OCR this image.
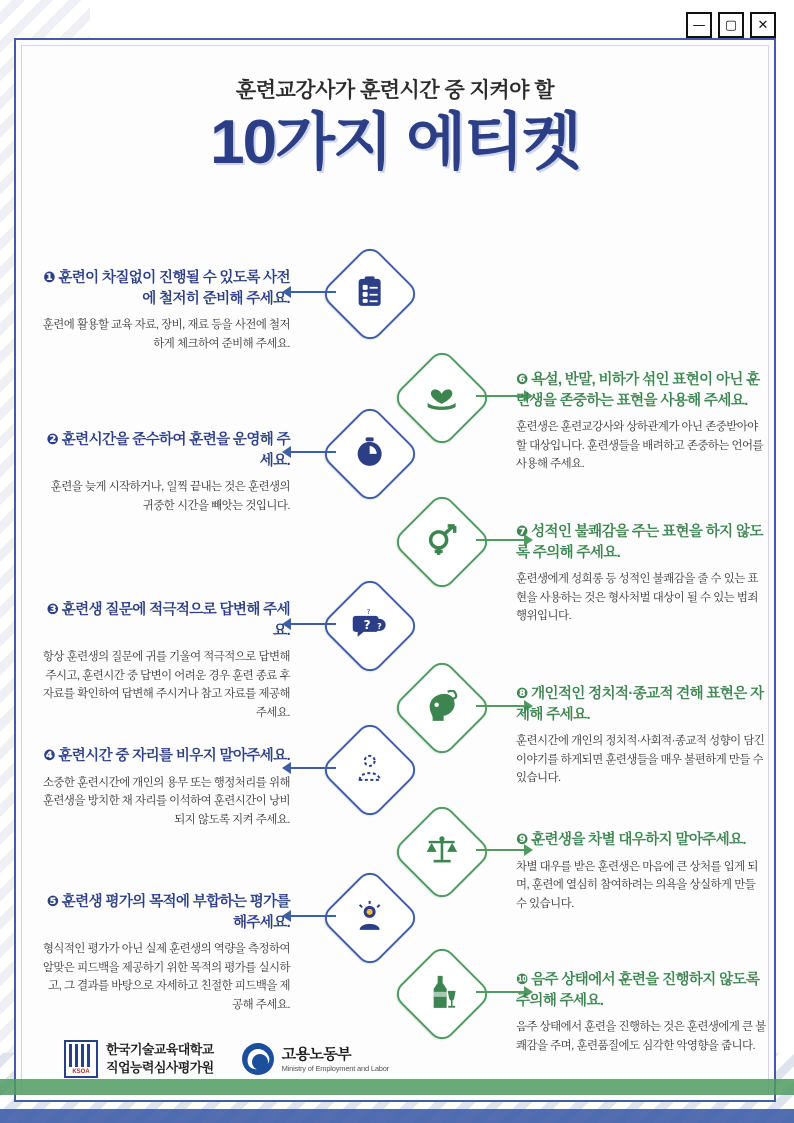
—	▢	✕
훈련교강사가 훈련시간 중 지켜야 할
10가지 에티켓
? ?
?

❶ 훈련이 차질없이 진행될 수 있도록 사전에 철저히 준비해 주세요.

훈련에 활용할 교육 자료, 장비, 재료 등을 사전에 철저하게 체크하여 준비해 주세요.

❷ 훈련시간을 준수하여 훈련을 운영해 주세요.

훈련을 늦게 시작하거나, 일찍 끝내는 것은 훈련생의 귀중한 시간을 빼앗는 것입니다.

❸ 훈련생 질문에 적극적으로 답변해 주세요.

항상 훈련생의 질문에 귀를 기울여 적극적으로 답변해 주시고, 훈련시간 중 답변이 어려운 경우 훈련 종료 후 자료를 확인하여 답변해 주시거나 참고 자료를 제공해 주세요.

❹ 훈련시간 중 자리를 비우지 말아주세요.

소중한 훈련시간에 개인의 용무 또는 행정처리를 위해 훈련생을 방치한 채 자리를 이석하여 훈련시간이 낭비되지 않도록 지켜 주세요.

❺ 훈련생 평가의 목적에 부합하는 평가를 해주세요.

형식적인 평가가 아닌 실제 훈련생의 역량을 측정하여 알맞은 피드백을 제공하기 위한 목적의 평가를 실시하고, 그 결과를 바탕으로 자세하고 친절한 피드백을 제공해 주세요.

❻ 욕설, 반말, 비하가 섞인 표현이 아닌 훈련생을 존중하는 표현을 사용해 주세요.

훈련생은 훈련교강사와 상하관계가 아닌 존중받아야 할 대상입니다. 훈련생들을 배려하고 존중하는 언어를 사용해 주세요.

❼ 성적인 불쾌감을 주는 표현을 하지 않도록 주의해 주세요.

훈련생에게 성희롱 등 성적인 불쾌감을 줄 수 있는 표현을 사용하는 것은 형사처벌 대상이 될 수 있는 범죄행위입니다.

❽ 개인적인 정치적·종교적 견해 표현은 자제해 주세요.

훈련시간에 개인의 정치적·사회적·종교적 성향이 담긴 이야기를 하게되면 훈련생들을 매우 불편하게 만들 수 있습니다.

❾ 훈련생을 차별 대우하지 말아주세요.

차별 대우를 받은 훈련생은 마음에 큰 상처를 입게 되며, 훈련에 열심히 참여하려는 의욕을 상실하게 만들 수 있습니다.

❿ 음주 상태에서 훈련을 진행하지 않도록 주의해 주세요.

음주 상태에서 훈련을 진행하는 것은 훈련생에게 큰 불쾌감을 주며, 훈련품질에도 심각한 악영향을 줍니다.

KSOA
한국기술교육대학교
직업능력심사평가원
고용노동부
Ministry of Employment and Labor
